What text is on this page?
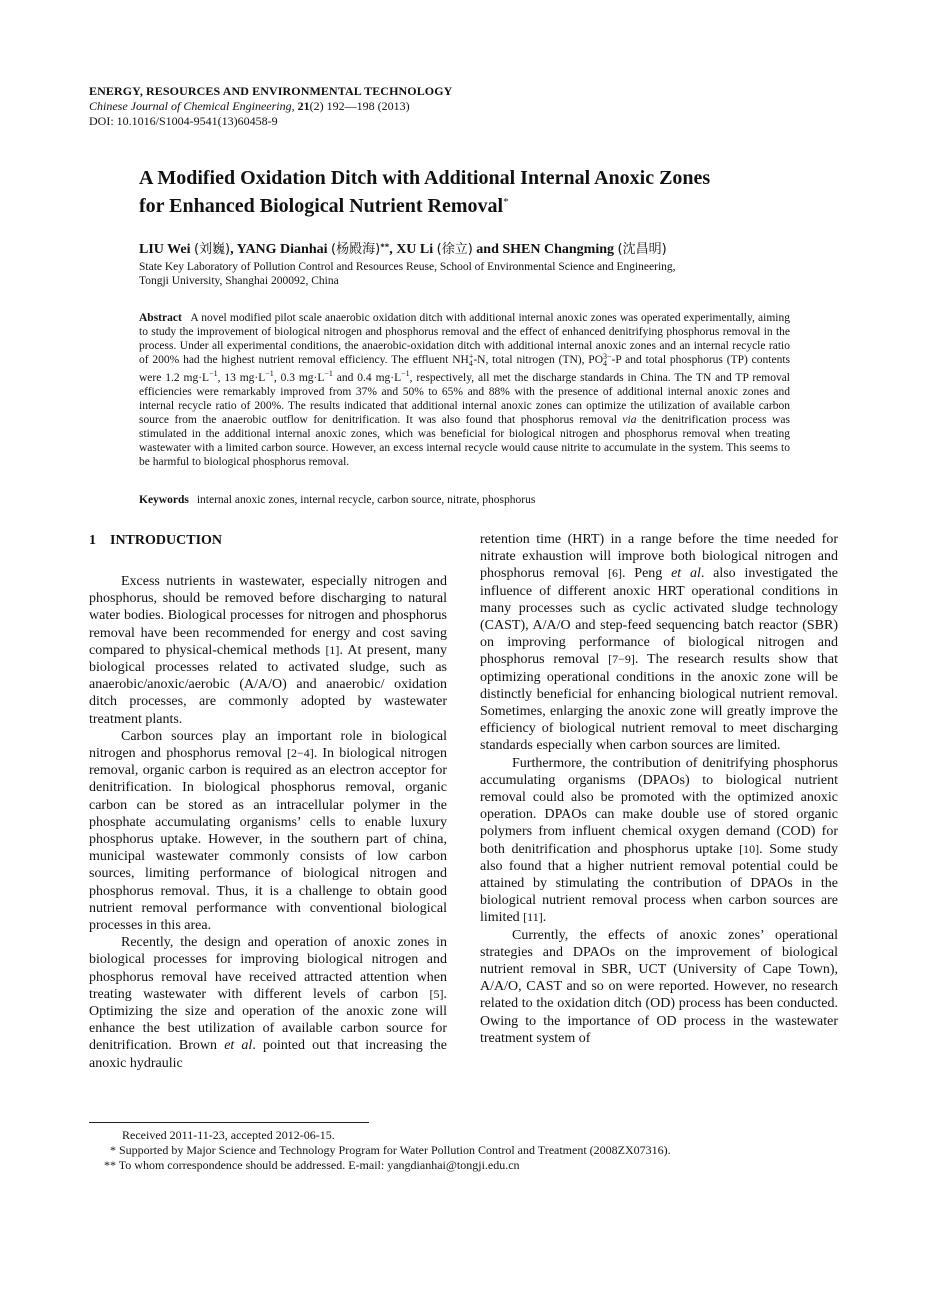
ENERGY, RESOURCES AND ENVIRONMENTAL TECHNOLOGY
Chinese Journal of Chemical Engineering, 21(2) 192—198 (2013)
DOI: 10.1016/S1004-9541(13)60458-9
A Modified Oxidation Ditch with Additional Internal Anoxic Zones
for Enhanced Biological Nutrient Removal*
LIU Wei (刘巍), YANG Dianhai (杨殿海)**, XU Li (徐立) and SHEN Changming (沈昌明)
State Key Laboratory of Pollution Control and Resources Reuse, School of Environmental Science and Engineering,
Tongji University, Shanghai 200092, China
Abstract A novel modified pilot scale anaerobic oxidation ditch with additional internal anoxic zones was operated experimentally, aiming to study the improvement of biological nitrogen and phosphorus removal and the effect of enhanced denitrifying phosphorus removal in the process. Under all experimental conditions, the anaerobic-oxidation ditch with additional internal anoxic zones and an internal recycle ratio of 200% had the highest nutrient removal efficiency. The effluent NH +
4 -N, total nitrogen (TN), PO 3−
4 -P and total phosphorus (TP) contents were 1.2 $mg\cdot L^{-1}$, 13 $mg\cdot L^{-1}$, 0.3 $mg\cdot L^{-1}$ and 0.4 $mg\cdot L^{-1}$, respectively, all met the discharge standards in China. The TN and TP removal efficiencies were remarkably improved from 37% and 50% to 65% and 88% with the presence of additional internal anoxic zones and internal recycle ratio of 200%. The results indicated that additional internal anoxic zones can optimize the utilization of available carbon source from the anaerobic outflow for denitrification. It was also found that phosphorus removal via the denitrification process was stimulated in the additional internal anoxic zones, which was beneficial for biological nitrogen and phosphorus removal when treating wastewater with a limited carbon source. However, an excess internal recycle would cause nitrite to accumulate in the system. This seems to be harmful to biological phosphorus removal.
Keywords internal anoxic zones, internal recycle, carbon source, nitrate, phosphorus
1 INTRODUCTION

Excess nutrients in wastewater, especially nitrogen and phosphorus, should be removed before discharging to natural water bodies. Biological processes for nitrogen and phosphorus removal have been recommended for energy and cost saving compared to physical-chemical methods [1]. At present, many biological processes related to activated sludge, such as anaerobic/anoxic/aerobic (A/A/O) and anaerobic/ oxidation ditch processes, are commonly adopted by wastewater treatment plants.

Carbon sources play an important role in biological nitrogen and phosphorus removal [2−4]. In biological nitrogen removal, organic carbon is required as an electron acceptor for denitrification. In biological phosphorus removal, organic carbon can be stored as an intracellular polymer in the phosphate accumulating organisms’ cells to enable luxury phosphorus uptake. However, in the southern part of china, municipal wastewater commonly consists of low carbon sources, limiting performance of biological nitrogen and phosphorus removal. Thus, it is a challenge to obtain good nutrient removal performance with conventional biological processes in this area.

Recently, the design and operation of anoxic zones in biological processes for improving biological nitrogen and phosphorus removal have received attracted attention when treating wastewater with different levels of carbon [5]. Optimizing the size and operation of the anoxic zone will enhance the best utilization of available carbon source for denitrification. Brown et al. pointed out that increasing the anoxic hydraulic

retention time (HRT) in a range before the time needed for nitrate exhaustion will improve both biological nitrogen and phosphorus removal [6]. Peng et al. also investigated the influence of different anoxic HRT operational conditions in many processes such as cyclic activated sludge technology (CAST), A/A/O and step-feed sequencing batch reactor (SBR) on improving performance of biological nitrogen and phosphorus removal [7−9]. The research results show that optimizing operational conditions in the anoxic zone will be distinctly beneficial for enhancing biological nutrient removal. Sometimes, enlarging the anoxic zone will greatly improve the efficiency of biological nutrient removal to meet discharging standards especially when carbon sources are limited.

Furthermore, the contribution of denitrifying phosphorus accumulating organisms (DPAOs) to biological nutrient removal could also be promoted with the optimized anoxic operation. DPAOs can make double use of stored organic polymers from influent chemical oxygen demand (COD) for both denitrification and phosphorus uptake [10]. Some study also found that a higher nutrient removal potential could be attained by stimulating the contribution of DPAOs in the biological nutrient removal process when carbon sources are limited [11].

Currently, the effects of anoxic zones’ operational strategies and DPAOs on the improvement of biological nutrient removal in SBR, UCT (University of Cape Town), A/A/O, CAST and so on were reported. However, no research related to the oxidation ditch (OD) process has been conducted. Owing to the importance of OD process in the wastewater treatment system of

Received 2011-11-23, accepted 2012-06-15.
* Supported by Major Science and Technology Program for Water Pollution Control and Treatment (2008ZX07316).
** To whom correspondence should be addressed. E-mail: yangdianhai@tongji.edu.cn
